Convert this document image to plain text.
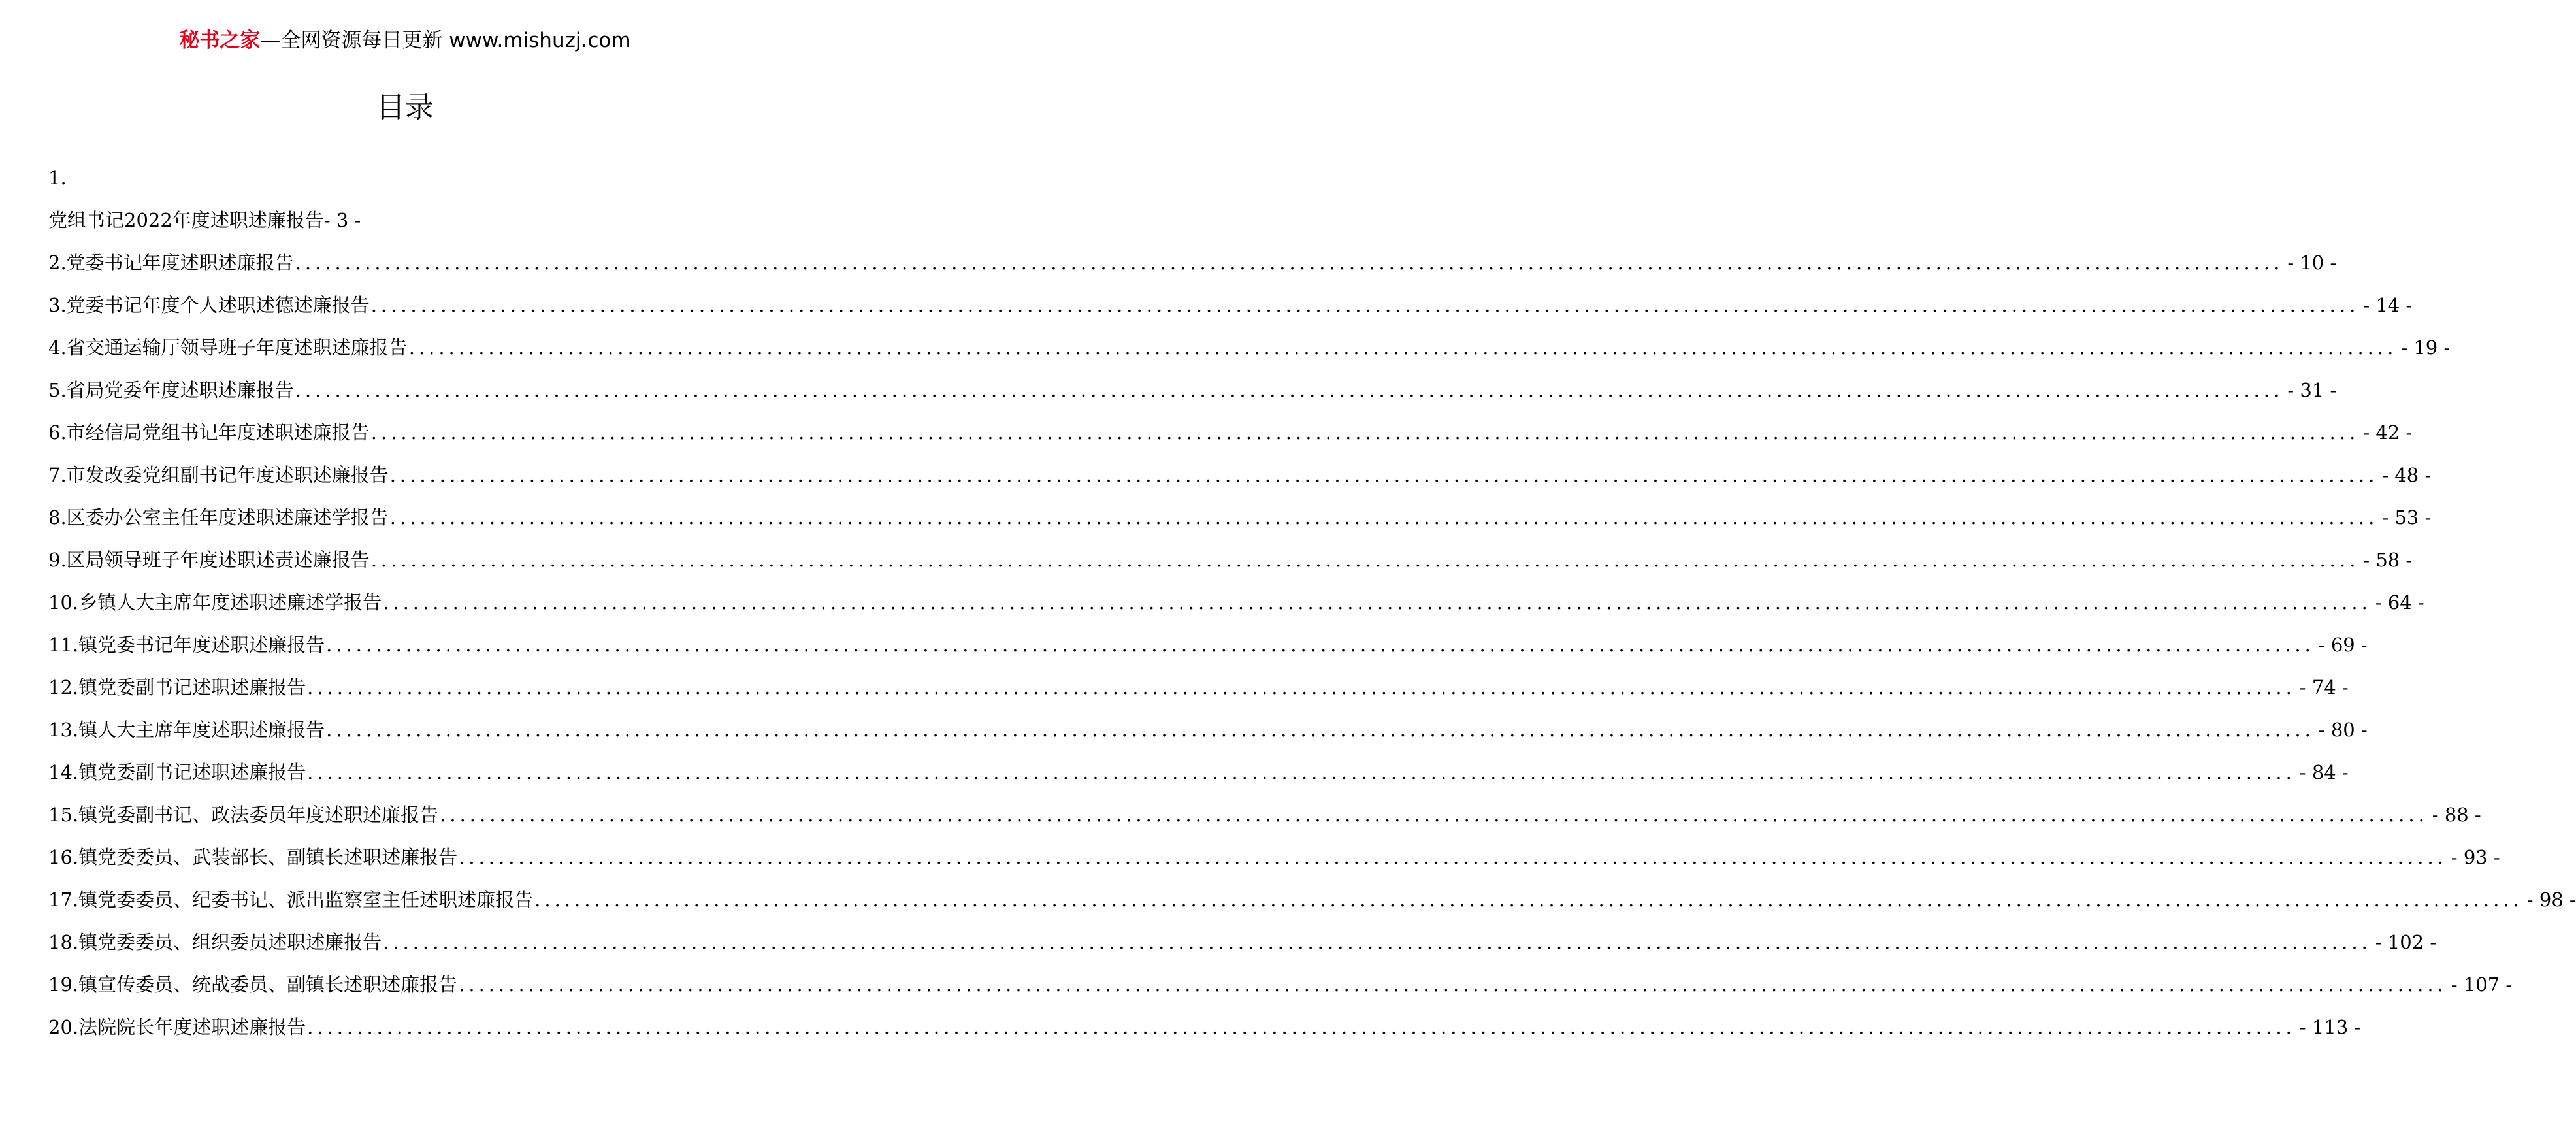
秘书之家—全网资源每日更新 www.mishuzj.com
目录
1.
党组书记2022年度述职述廉报告- 3 -
2. 党委书记年度述职述廉报告 ........................................................................................................................................................................................................ - 10 -
3. 党委书记年度个人述职述德述廉报告 ........................................................................................................................................................................................................ - 14 -
4. 省交通运输厅领导班子年度述职述廉报告 ........................................................................................................................................................................................................ - 19 -
5. 省局党委年度述职述廉报告 ........................................................................................................................................................................................................ - 31 -
6. 市经信局党组书记年度述职述廉报告 ........................................................................................................................................................................................................ - 42 -
7. 市发改委党组副书记年度述职述廉报告 ........................................................................................................................................................................................................ - 48 -
8. 区委办公室主任年度述职述廉述学报告 ........................................................................................................................................................................................................ - 53 -
9. 区局领导班子年度述职述责述廉报告 ........................................................................................................................................................................................................ - 58 -
10. 乡镇人大主席年度述职述廉述学报告 ........................................................................................................................................................................................................ - 64 -
11. 镇党委书记年度述职述廉报告 ........................................................................................................................................................................................................ - 69 -
12. 镇党委副书记述职述廉报告 ........................................................................................................................................................................................................ - 74 -
13. 镇人大主席年度述职述廉报告 ........................................................................................................................................................................................................ - 80 -
14. 镇党委副书记述职述廉报告 ........................................................................................................................................................................................................ - 84 -
15. 镇党委副书记、政法委员年度述职述廉报告 ........................................................................................................................................................................................................ - 88 -
16. 镇党委委员、武装部长、副镇长述职述廉报告 ........................................................................................................................................................................................................ - 93 -
17. 镇党委委员、纪委书记、派出监察室主任述职述廉报告 ........................................................................................................................................................................................................ - 98 -
18. 镇党委委员、组织委员述职述廉报告 ........................................................................................................................................................................................................ - 102 -
19. 镇宣传委员、统战委员、副镇长述职述廉报告 ........................................................................................................................................................................................................ - 107 -
20. 法院院长年度述职述廉报告 ........................................................................................................................................................................................................ - 113 -
